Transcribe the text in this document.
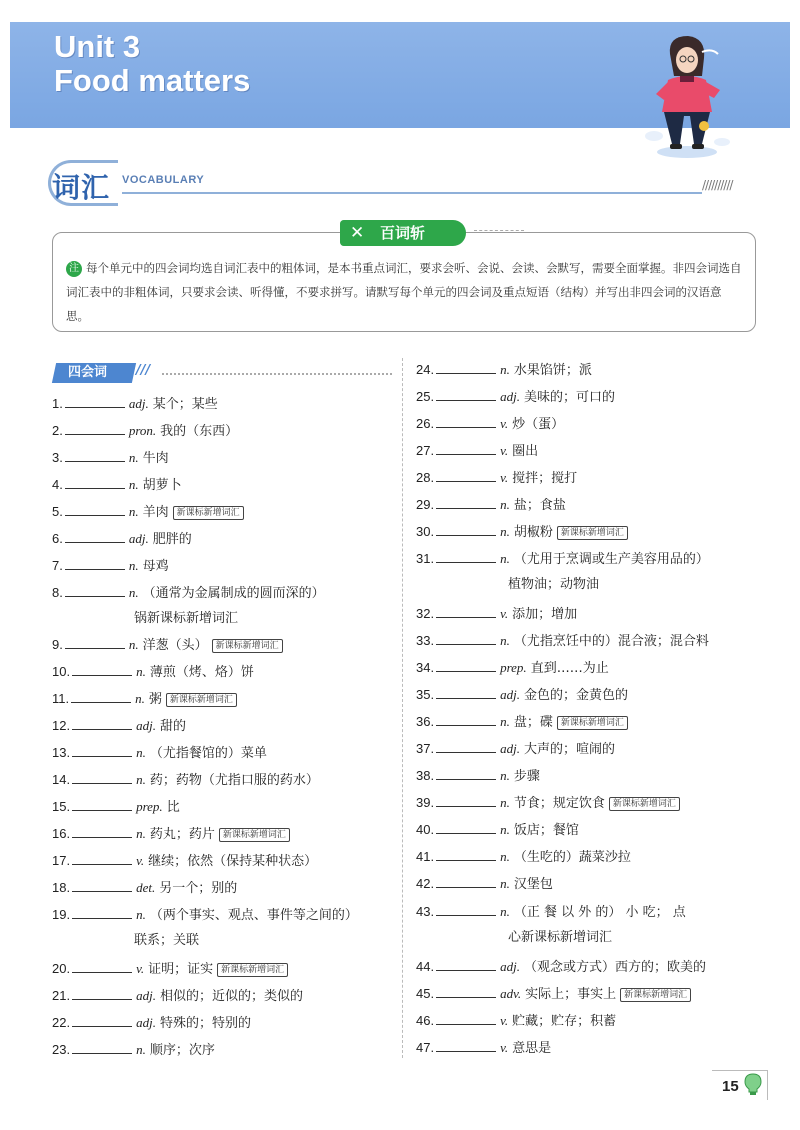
Unit 3
Food matters
词汇 VOCABULARY	//////////
✕ 百词斩
注 每个单元中的四会词均选自词汇表中的粗体词，是本书重点词汇，要求会听、会说、会读、会默写，需要全面掌握。非四会词选自词汇表中的非粗体词，只要求会读、听得懂，不要求拼写。请默写每个单元的四会词及重点短语（结构）并写出非四会词的汉语意思。
四会词	///
1.	adj. 某个；某些
2.	pron. 我的（东西）
3.	n. 牛肉
4.	n. 胡萝卜
5.	n. 羊肉 新课标新增词汇
6.	adj. 肥胖的
7.	n. 母鸡
8.	n. （通常为金属制成的圆而深的）
锅新课标新增词汇
9.	n. 洋葱（头） 新课标新增词汇
10.	n. 薄煎（烤、烙）饼
11.	n. 粥 新课标新增词汇
12.	adj. 甜的
13.	n. （尤指餐馆的）菜单
14.	n. 药；药物（尤指口服的药水）
15.	prep. 比
16.	n. 药丸；药片 新课标新增词汇
17.	v. 继续；依然（保持某种状态）
18.	det. 另一个；别的
19.	n. （两个事实、观点、事件等之间的）
联系；关联
20.	v. 证明；证实 新课标新增词汇
21.	adj. 相似的；近似的；类似的
22.	adj. 特殊的；特别的
23.	n. 顺序；次序
24.	n. 水果馅饼；派
25.	adj. 美味的；可口的
26.	v. 炒（蛋）
27.	v. 圈出
28.	v. 搅拌；搅打
29.	n. 盐；食盐
30.	n. 胡椒粉 新课标新增词汇
31.	n. （尤用于烹调或生产美容用品的）
植物油；动物油
32.	v. 添加；增加
33.	n. （尤指烹饪中的）混合液；混合料
34.	prep. 直到……为止
35.	adj. 金色的；金黄色的
36.	n. 盘；碟 新课标新增词汇
37.	adj. 大声的；喧闹的
38.	n. 步骤
39.	n. 节食；规定饮食 新课标新增词汇
40.	n. 饭店；餐馆
41.	n. （生吃的）蔬菜沙拉
42.	n. 汉堡包
43.	n. （正 餐 以 外 的） 小 吃； 点
心新课标新增词汇
44.	adj. （观念或方式）西方的；欧美的
45.	adv. 实际上；事实上 新课标新增词汇
46.	v. 贮藏；贮存；积蓄
47.	v. 意思是
15
